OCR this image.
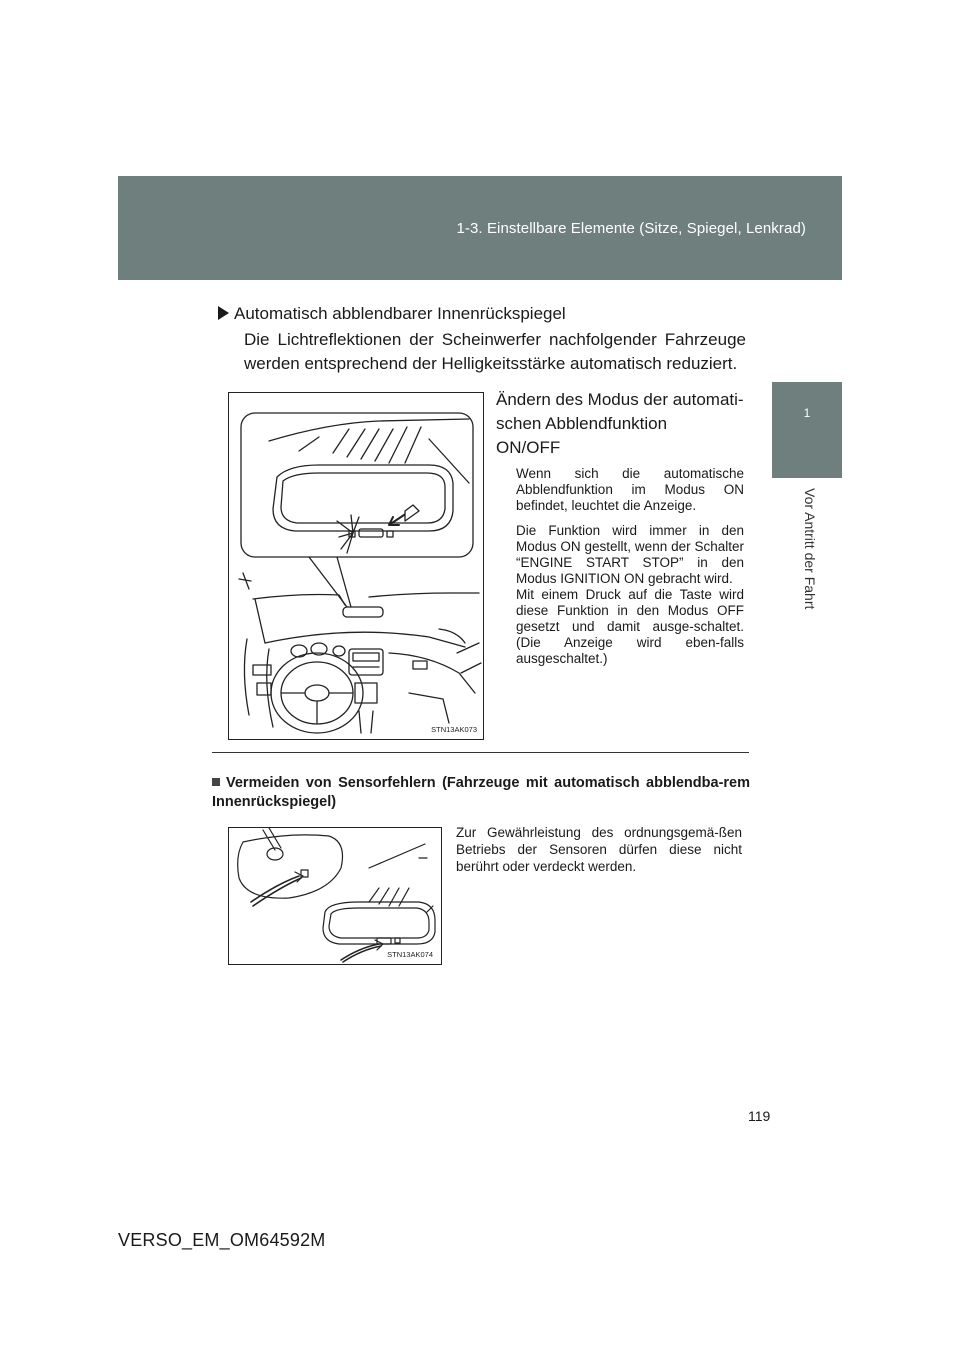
1-3. Einstellbare Elemente (Sitze, Spiegel, Lenkrad)
1
Vor Antritt der Fahrt
Automatisch abblendbarer Innenrückspiegel
Die Lichtreflektionen der Scheinwerfer nachfolgender Fahrzeuge werden entsprechend der Helligkeitsstärke automatisch reduziert.
STN13AK073
Ändern des Modus der automati-
schen Abblendfunktion
ON/OFF

Wenn sich die automatische Abblendfunktion im Modus ON befindet, leuchtet die Anzeige.

Die Funktion wird immer in den Modus ON gestellt, wenn der Schalter “ENGINE START STOP” in den Modus IGNITION ON gebracht wird.

Mit einem Druck auf die Taste wird diese Funktion in den Modus OFF gesetzt und damit ausge-schaltet. (Die Anzeige wird eben-falls ausgeschaltet.)

Vermeiden von Sensorfehlern (Fahrzeuge mit automatisch abblendba-rem Innenrückspiegel)
STN13AK074
Zur Gewährleistung des ordnungsgemä-ßen Betriebs der Sensoren dürfen diese nicht berührt oder verdeckt werden.
119
VERSO_EM_OM64592M
